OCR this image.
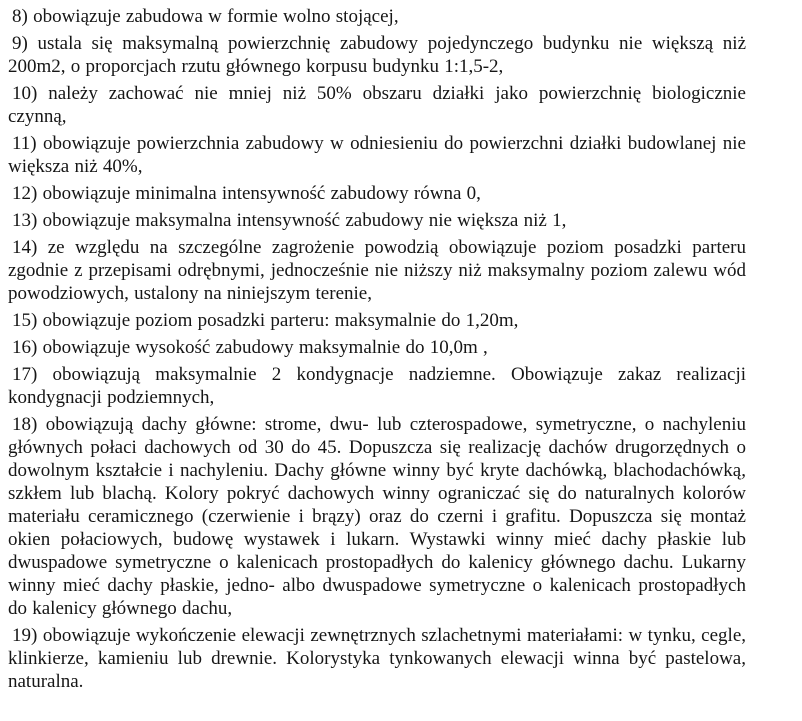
8) obowiązuje zabudowa w formie wolno stojącej,

9) ustala się maksymalną powierzchnię zabudowy pojedynczego budynku nie większą niż 200m2, o proporcjach rzutu głównego korpusu budynku 1:1,5-2,

10) należy zachować nie mniej niż 50% obszaru działki jako powierzchnię biologicznie czynną,

11) obowiązuje powierzchnia zabudowy w odniesieniu do powierzchni działki budowlanej nie większa niż 40%,

12) obowiązuje minimalna intensywność zabudowy równa 0,

13) obowiązuje maksymalna intensywność zabudowy nie większa niż 1,

14) ze względu na szczególne zagrożenie powodzią obowiązuje poziom posadzki parteru zgodnie z przepisami odrębnymi, jednocześnie nie niższy niż maksymalny poziom zalewu wód powodziowych, ustalony na niniejszym terenie,

15) obowiązuje poziom posadzki parteru: maksymalnie do 1,20m,

16) obowiązuje wysokość zabudowy maksymalnie do 10,0m ,

17) obowiązują maksymalnie 2 kondygnacje nadziemne. Obowiązuje zakaz realizacji kondygnacji podziemnych,

18) obowiązują dachy główne: strome, dwu- lub czterospadowe, symetryczne, o nachyleniu głównych połaci dachowych od 30 do 45. Dopuszcza się realizację dachów drugorzędnych o dowolnym kształcie i nachyleniu. Dachy główne winny być kryte dachówką, blachodachówką, szkłem lub blachą. Kolory pokryć dachowych winny ograniczać się do naturalnych kolorów materiału ceramicznego (czerwienie i brązy) oraz do czerni i grafitu. Dopuszcza się montaż okien połaciowych, budowę wystawek i lukarn. Wystawki winny mieć dachy płaskie lub dwuspadowe symetryczne o kalenicach prostopadłych do kalenicy głównego dachu. Lukarny winny mieć dachy płaskie, jedno- albo dwuspadowe symetryczne o kalenicach prostopadłych do kalenicy głównego dachu,

19) obowiązuje wykończenie elewacji zewnętrznych szlachetnymi materiałami: w tynku, cegle, klinkierze, kamieniu lub drewnie. Kolorystyka tynkowanych elewacji winna być pastelowa, naturalna.
